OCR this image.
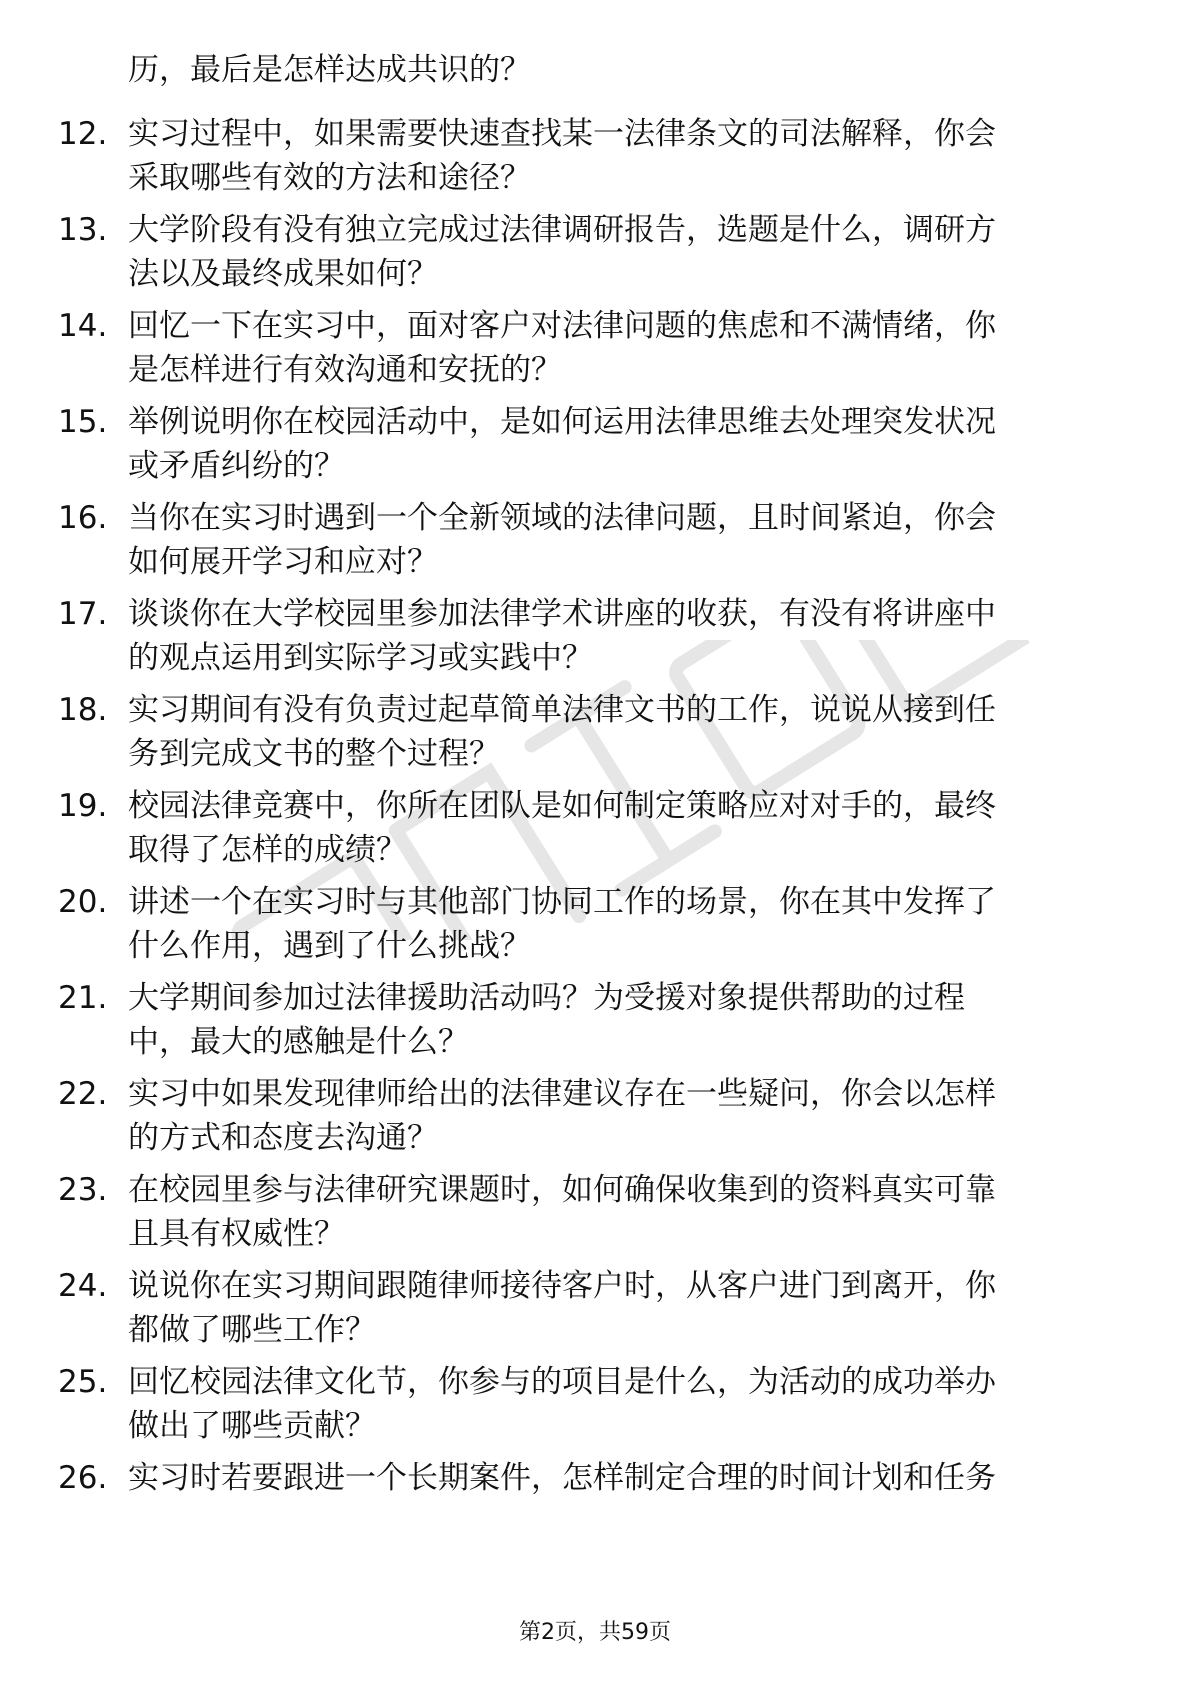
历，最后是怎样达成共识的？
12. 实习过程中，如果需要快速查找某一法律条文的司法解释，你会
采取哪些有效的方法和途径？
13. 大学阶段有没有独立完成过法律调研报告，选题是什么，调研方
法以及最终成果如何？
14. 回忆一下在实习中，面对客户对法律问题的焦虑和不满情绪，你
是怎样进行有效沟通和安抚的？
15. 举例说明你在校园活动中，是如何运用法律思维去处理突发状况
或矛盾纠纷的？
16. 当你在实习时遇到一个全新领域的法律问题，且时间紧迫，你会
如何展开学习和应对？
17. 谈谈你在大学校园里参加法律学术讲座的收获，有没有将讲座中
的观点运用到实际学习或实践中？
18. 实习期间有没有负责过起草简单法律文书的工作，说说从接到任
务到完成文书的整个过程？
19. 校园法律竞赛中，你所在团队是如何制定策略应对对手的，最终
取得了怎样的成绩？
20. 讲述一个在实习时与其他部门协同工作的场景，你在其中发挥了
什么作用，遇到了什么挑战？
21. 大学期间参加过法律援助活动吗？为受援对象提供帮助的过程
中，最大的感触是什么？
22. 实习中如果发现律师给出的法律建议存在一些疑问，你会以怎样
的方式和态度去沟通？
23. 在校园里参与法律研究课题时，如何确保收集到的资料真实可靠
且具有权威性？
24. 说说你在实习期间跟随律师接待客户时，从客户进门到离开，你
都做了哪些工作？
25. 回忆校园法律文化节，你参与的项目是什么，为活动的成功举办
做出了哪些贡献？
26. 实习时若要跟进一个长期案件，怎样制定合理的时间计划和任务
第2页，共59页
